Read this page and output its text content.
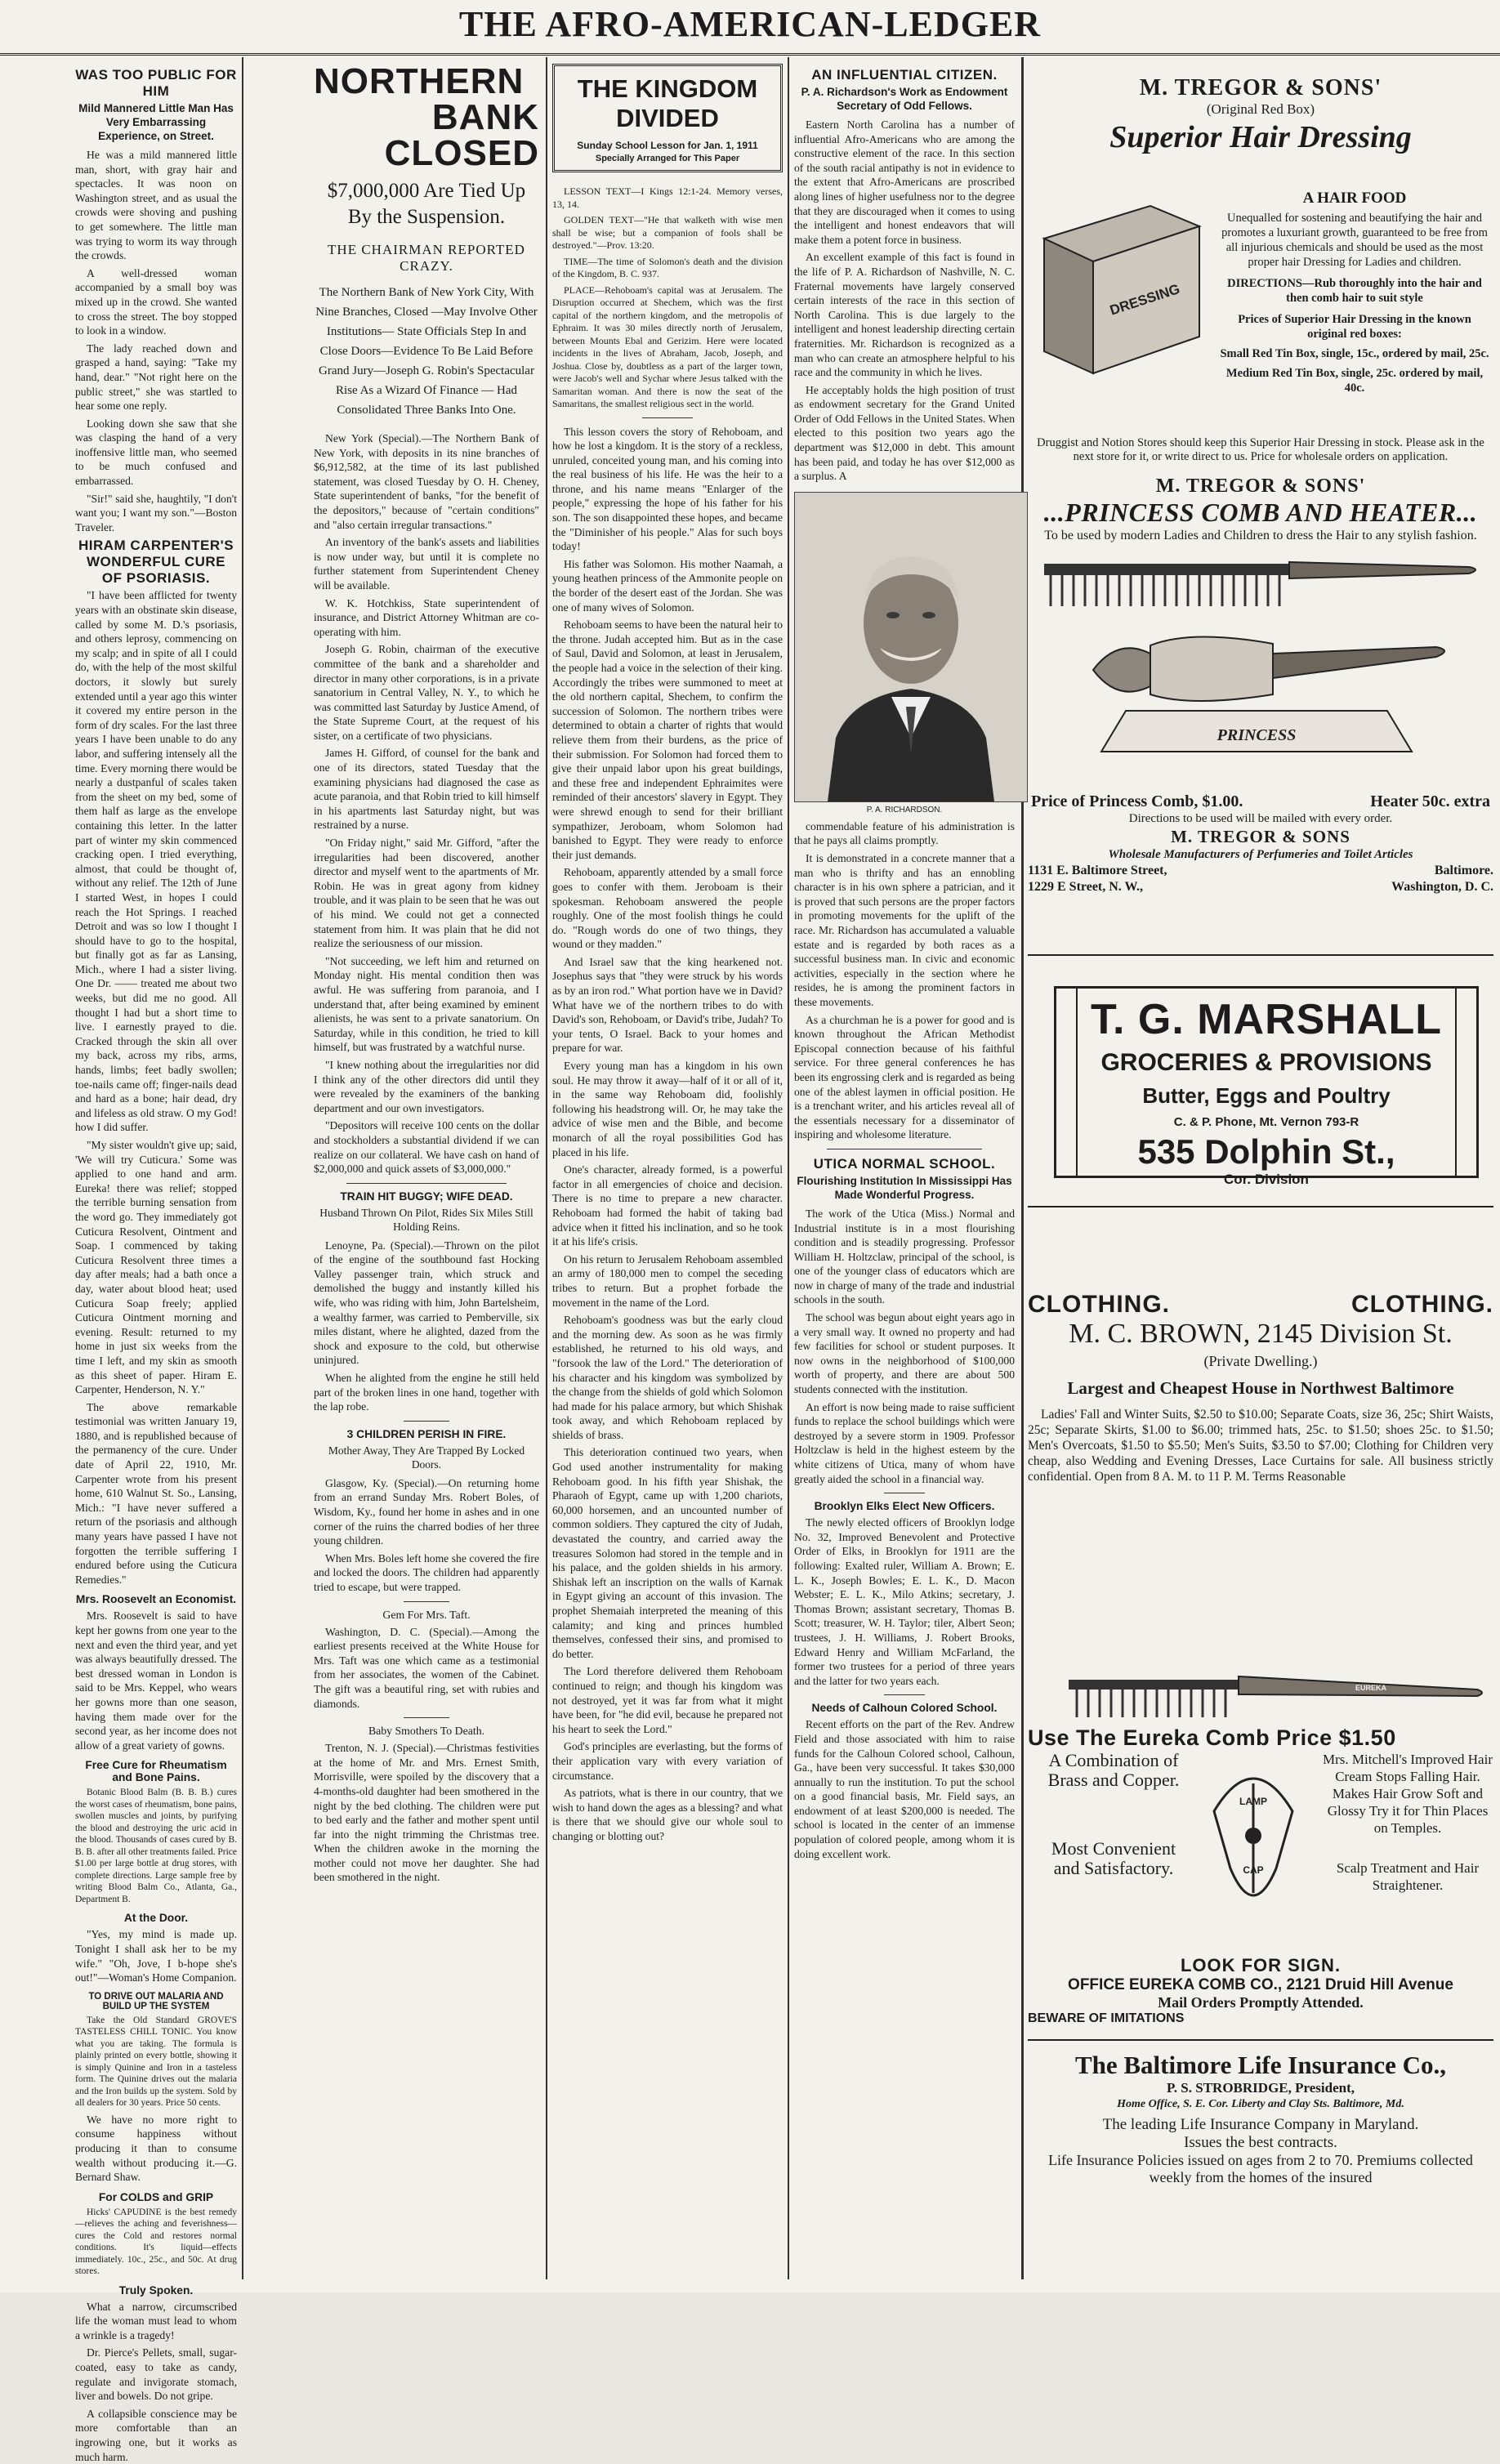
THE AFRO-AMERICAN-LEDGER
WAS TOO PUBLIC FOR HIM
Mild Mannered Little Man Has Very Embarrassing Experience, on Street.

He was a mild mannered little man, short, with gray hair and spectacles. It was noon on Washington street, and as usual the crowds were shoving and pushing to get somewhere. The little man was trying to worm its way through the crowds.

A well-dressed woman accompanied by a small boy was mixed up in the crowd. She wanted to cross the street. The boy stopped to look in a window.

The lady reached down and grasped a hand, saying: "Take my hand, dear." "Not right here on the public street," she was startled to hear some one reply.

Looking down she saw that she was clasping the hand of a very inoffensive little man, who seemed to be much confused and embarrassed.

"Sir!" said she, haughtily, "I don't want you; I want my son."—Boston Traveler.

HIRAM CARPENTER'S WONDERFUL CURE OF PSORIASIS.

"I have been afflicted for twenty years with an obstinate skin disease, called by some M. D.'s psoriasis, and others leprosy, commencing on my scalp; and in spite of all I could do, with the help of the most skilful doctors, it slowly but surely extended until a year ago this winter it covered my entire person in the form of dry scales. For the last three years I have been unable to do any labor, and suffering intensely all the time. Every morning there would be nearly a dustpanful of scales taken from the sheet on my bed, some of them half as large as the envelope containing this letter. In the latter part of winter my skin commenced cracking open. I tried everything, almost, that could be thought of, without any relief. The 12th of June I started West, in hopes I could reach the Hot Springs. I reached Detroit and was so low I thought I should have to go to the hospital, but finally got as far as Lansing, Mich., where I had a sister living. One Dr. —— treated me about two weeks, but did me no good. All thought I had but a short time to live. I earnestly prayed to die. Cracked through the skin all over my back, across my ribs, arms, hands, limbs; feet badly swollen; toe-nails came off; finger-nails dead and hard as a bone; hair dead, dry and lifeless as old straw. O my God! how I did suffer.

"My sister wouldn't give up; said, 'We will try Cuticura.' Some was applied to one hand and arm. Eureka! there was relief; stopped the terrible burning sensation from the word go. They immediately got Cuticura Resolvent, Ointment and Soap. I commenced by taking Cuticura Resolvent three times a day after meals; had a bath once a day, water about blood heat; used Cuticura Soap freely; applied Cuticura Ointment morning and evening. Result: returned to my home in just six weeks from the time I left, and my skin as smooth as this sheet of paper. Hiram E. Carpenter, Henderson, N. Y."

The above remarkable testimonial was written January 19, 1880, and is republished because of the permanency of the cure. Under date of April 22, 1910, Mr. Carpenter wrote from his present home, 610 Walnut St. So., Lansing, Mich.: "I have never suffered a return of the psoriasis and although many years have passed I have not forgotten the terrible suffering I endured before using the Cuticura Remedies."

Mrs. Roosevelt an Economist.

Mrs. Roosevelt is said to have kept her gowns from one year to the next and even the third year, and yet was always beautifully dressed. The best dressed woman in London is said to be Mrs. Keppel, who wears her gowns more than one season, having them made over for the second year, as her income does not allow of a great variety of gowns.

Free Cure for Rheumatism and Bone Pains.

Botanic Blood Balm (B. B. B.) cures the worst cases of rheumatism, bone pains, swollen muscles and joints, by purifying the blood and destroying the uric acid in the blood. Thousands of cases cured by B. B. B. after all other treatments failed. Price $1.00 per large bottle at drug stores, with complete directions. Large sample free by writing Blood Balm Co., Atlanta, Ga., Department B.

At the Door.

"Yes, my mind is made up. Tonight I shall ask her to be my wife." "Oh, Jove, I b-hope she's out!"—Woman's Home Companion.

TO DRIVE OUT MALARIA AND BUILD UP THE SYSTEM

Take the Old Standard GROVE'S TASTELESS CHILL TONIC. You know what you are taking. The formula is plainly printed on every bottle, showing it is simply Quinine and Iron in a tasteless form. The Quinine drives out the malaria and the Iron builds up the system. Sold by all dealers for 30 years. Price 50 cents.

We have no more right to consume happiness without producing it than to consume wealth without producing it.—G. Bernard Shaw.

For COLDS and GRIP

Hicks' CAPUDINE is the best remedy—relieves the aching and feverishness—cures the Cold and restores normal conditions. It's liquid—effects immediately. 10c., 25c., and 50c. At drug stores.

Truly Spoken.

What a narrow, circumscribed life the woman must lead to whom a wrinkle is a tragedy!

Dr. Pierce's Pellets, small, sugar-coated, easy to take as candy, regulate and invigorate stomach, liver and bowels. Do not gripe.

A collapsible conscience may be more comfortable than an ingrowing one, but it works as much harm.

NORTHERN
BANK CLOSED
$7,000,000 Are Tied Up By the Suspension.
THE CHAIRMAN REPORTED CRAZY.
The Northern Bank of New York City, With Nine Branches, Closed —May Involve Other Institutions— State Officials Step In and Close Doors—Evidence To Be Laid Before Grand Jury—Joseph G. Robin's Spectacular Rise As a Wizard Of Finance — Had Consolidated Three Banks Into One.

New York (Special).—The Northern Bank of New York, with deposits in its nine branches of $6,912,582, at the time of its last published statement, was closed Tuesday by O. H. Cheney, State superintendent of banks, "for the benefit of the depositors," because of "certain conditions" and "also certain irregular transactions."

An inventory of the bank's assets and liabilities is now under way, but until it is complete no further statement from Superintendent Cheney will be available.

W. K. Hotchkiss, State superintendent of insurance, and District Attorney Whitman are co-operating with him.

Joseph G. Robin, chairman of the executive committee of the bank and a shareholder and director in many other corporations, is in a private sanatorium in Central Valley, N. Y., to which he was committed last Saturday by Justice Amend, of the State Supreme Court, at the request of his sister, on a certificate of two physicians.

James H. Gifford, of counsel for the bank and one of its directors, stated Tuesday that the examining physicians had diagnosed the case as acute paranoia, and that Robin tried to kill himself in his apartments last Saturday night, but was restrained by a nurse.

"On Friday night," said Mr. Gifford, "after the irregularities had been discovered, another director and myself went to the apartments of Mr. Robin. He was in great agony from kidney trouble, and it was plain to be seen that he was out of his mind. We could not get a connected statement from him. It was plain that he did not realize the seriousness of our mission.

"Not succeeding, we left him and returned on Monday night. His mental condition then was awful. He was suffering from paranoia, and I understand that, after being examined by eminent alienists, he was sent to a private sanatorium. On Saturday, while in this condition, he tried to kill himself, but was frustrated by a watchful nurse.

"I knew nothing about the irregularities nor did I think any of the other directors did until they were revealed by the examiners of the banking department and our own investigators.

"Depositors will receive 100 cents on the dollar and stockholders a substantial dividend if we can realize on our collateral. We have cash on hand of $2,000,000 and quick assets of $3,000,000."

TRAIN HIT BUGGY; WIFE DEAD.
Husband Thrown On Pilot, Rides Six Miles Still Holding Reins.

Lenoyne, Pa. (Special).—Thrown on the pilot of the engine of the southbound fast Hocking Valley passenger train, which struck and demolished the buggy and instantly killed his wife, who was riding with him, John Bartelsheim, a wealthy farmer, was carried to Pemberville, six miles distant, where he alighted, dazed from the shock and exposure to the cold, but otherwise uninjured.

When he alighted from the engine he still held part of the broken lines in one hand, together with the lap robe.

3 CHILDREN PERISH IN FIRE.
Mother Away, They Are Trapped By Locked Doors.

Glasgow, Ky. (Special).—On returning home from an errand Sunday Mrs. Robert Boles, of Wisdom, Ky., found her home in ashes and in one corner of the ruins the charred bodies of her three young children.

When Mrs. Boles left home she covered the fire and locked the doors. The children had apparently tried to escape, but were trapped.

Gem For Mrs. Taft.

Washington, D. C. (Special).—Among the earliest presents received at the White House for Mrs. Taft was one which came as a testimonial from her associates, the women of the Cabinet. The gift was a beautiful ring, set with rubies and diamonds.

Baby Smothers To Death.

Trenton, N. J. (Special).—Christmas festivities at the home of Mr. and Mrs. Ernest Smith, Morrisville, were spoiled by the discovery that a 4-months-old daughter had been smothered in the night by the bed clothing. The children were put to bed early and the father and mother spent until far into the night trimming the Christmas tree. When the children awoke in the morning the mother could not move her daughter. She had been smothered in the night.

THE KINGDOM
DIVIDED
Sunday School Lesson for Jan. 1, 1911
Specially Arranged for This Paper

LESSON TEXT—I Kings 12:1-24. Memory verses, 13, 14.

GOLDEN TEXT—"He that walketh with wise men shall be wise; but a companion of fools shall be destroyed."—Prov. 13:20.

TIME—The time of Solomon's death and the division of the Kingdom, B. C. 937.

PLACE—Rehoboam's capital was at Jerusalem. The Disruption occurred at Shechem, which was the first capital of the northern kingdom, and the metropolis of Ephraim. It was 30 miles directly north of Jerusalem, between Mounts Ebal and Gerizim. Here were located incidents in the lives of Abraham, Jacob, Joseph, and Joshua. Close by, doubtless as a part of the larger town, were Jacob's well and Sychar where Jesus talked with the Samaritan woman. And there is now the seat of the Samaritans, the smallest religious sect in the world.

This lesson covers the story of Rehoboam, and how he lost a kingdom. It is the story of a reckless, unruled, conceited young man, and his coming into the real business of his life. He was the heir to a throne, and his name means "Enlarger of the people," expressing the hope of his father for his son. The son disappointed these hopes, and became the "Diminisher of his people." Alas for such boys today!

His father was Solomon. His mother Naamah, a young heathen princess of the Ammonite people on the border of the desert east of the Jordan. She was one of many wives of Solomon.

Rehoboam seems to have been the natural heir to the throne. Judah accepted him. But as in the case of Saul, David and Solomon, at least in Jerusalem, the people had a voice in the selection of their king. Accordingly the tribes were summoned to meet at the old northern capital, Shechem, to confirm the succession of Solomon. The northern tribes were determined to obtain a charter of rights that would relieve them from their burdens, as the price of their submission. For Solomon had forced them to give their unpaid labor upon his great buildings, and these free and independent Ephraimites were reminded of their ancestors' slavery in Egypt. They were shrewd enough to send for their brilliant sympathizer, Jeroboam, whom Solomon had banished to Egypt. They were ready to enforce their just demands.

Rehoboam, apparently attended by a small force goes to confer with them. Jeroboam is their spokesman. Rehoboam answered the people roughly. One of the most foolish things he could do. "Rough words do one of two things, they wound or they madden."

And Israel saw that the king hearkened not. Josephus says that "they were struck by his words as by an iron rod." What portion have we in David? What have we of the northern tribes to do with David's son, Rehoboam, or David's tribe, Judah? To your tents, O Israel. Back to your homes and prepare for war.

Every young man has a kingdom in his own soul. He may throw it away—half of it or all of it, in the same way Rehoboam did, foolishly following his headstrong will. Or, he may take the advice of wise men and the Bible, and become monarch of all the royal possibilities God has placed in his life.

One's character, already formed, is a powerful factor in all emergencies of choice and decision. There is no time to prepare a new character. Rehoboam had formed the habit of taking bad advice when it fitted his inclination, and so he took it at his life's crisis.

On his return to Jerusalem Rehoboam assembled an army of 180,000 men to compel the seceding tribes to return. But a prophet forbade the movement in the name of the Lord.

Rehoboam's goodness was but the early cloud and the morning dew. As soon as he was firmly established, he returned to his old ways, and "forsook the law of the Lord." The deterioration of his character and his kingdom was symbolized by the change from the shields of gold which Solomon had made for his palace armory, but which Shishak took away, and which Rehoboam replaced by shields of brass.

This deterioration continued two years, when God used another instrumentality for making Rehoboam good. In his fifth year Shishak, the Pharaoh of Egypt, came up with 1,200 chariots, 60,000 horsemen, and an uncounted number of common soldiers. They captured the city of Judah, devastated the country, and carried away the treasures Solomon had stored in the temple and in his palace, and the golden shields in his armory. Shishak left an inscription on the walls of Karnak in Egypt giving an account of this invasion. The prophet Shemaiah interpreted the meaning of this calamity; and king and princes humbled themselves, confessed their sins, and promised to do better.

The Lord therefore delivered them Rehoboam continued to reign; and though his kingdom was not destroyed, yet it was far from what it might have been, for "he did evil, because he prepared not his heart to seek the Lord."

God's principles are everlasting, but the forms of their application vary with every variation of circumstance.

As patriots, what is there in our country, that we wish to hand down the ages as a blessing? and what is there that we should give our whole soul to changing or blotting out?

AN INFLUENTIAL CITIZEN.
P. A. Richardson's Work as Endowment Secretary of Odd Fellows.

Eastern North Carolina has a number of influential Afro-Americans who are among the constructive element of the race. In this section of the south racial antipathy is not in evidence to the extent that Afro-Americans are proscribed along lines of higher usefulness nor to the degree that they are discouraged when it comes to using the intelligent and honest endeavors that will make them a potent force in business.

An excellent example of this fact is found in the life of P. A. Richardson of Nashville, N. C. Fraternal movements have largely conserved certain interests of the race in this section of North Carolina. This is due largely to the intelligent and honest leadership directing certain fraternities. Mr. Richardson is recognized as a man who can create an atmosphere helpful to his race and the community in which he lives.

He acceptably holds the high position of trust as endowment secretary for the Grand United Order of Odd Fellows in the United States. When elected to this position two years ago the department was $12,000 in debt. This amount has been paid, and today he has over $12,000 as a surplus. A

P. A. RICHARDSON.

commendable feature of his administration is that he pays all claims promptly.

It is demonstrated in a concrete manner that a man who is thrifty and has an ennobling character is in his own sphere a patrician, and it is proved that such persons are the proper factors in promoting movements for the uplift of the race. Mr. Richardson has accumulated a valuable estate and is regarded by both races as a successful business man. In civic and economic activities, especially in the section where he resides, he is among the prominent factors in these movements.

As a churchman he is a power for good and is known throughout the African Methodist Episcopal connection because of his faithful service. For three general conferences he has been its engrossing clerk and is regarded as being one of the ablest laymen in official position. He is a trenchant writer, and his articles reveal all of the essentials necessary for a disseminator of inspiring and wholesome literature.

UTICA NORMAL SCHOOL.
Flourishing Institution In Mississippi Has Made Wonderful Progress.

The work of the Utica (Miss.) Normal and Industrial institute is in a most flourishing condition and is steadily progressing. Professor William H. Holtzclaw, principal of the school, is one of the younger class of educators which are now in charge of many of the trade and industrial schools in the south.

The school was begun about eight years ago in a very small way. It owned no property and had few facilities for school or student purposes. It now owns in the neighborhood of $100,000 worth of property, and there are about 500 students connected with the institution.

An effort is now being made to raise sufficient funds to replace the school buildings which were destroyed by a severe storm in 1909. Professor Holtzclaw is held in the highest esteem by the white citizens of Utica, many of whom have greatly aided the school in a financial way.

Brooklyn Elks Elect New Officers.

The newly elected officers of Brooklyn lodge No. 32, Improved Benevolent and Protective Order of Elks, in Brooklyn for 1911 are the following: Exalted ruler, William A. Brown; E. L. K., Joseph Bowles; E. L. K., D. Macon Webster; E. L. K., Milo Atkins; secretary, J. Thomas Brown; assistant secretary, Thomas B. Scott; treasurer, W. H. Taylor; tiler, Albert Seon; trustees, J. H. Williams, J. Robert Brooks, Edward Henry and William McFarland, the former two trustees for a period of three years and the latter for two years each.

Needs of Calhoun Colored School.

Recent efforts on the part of the Rev. Andrew Field and those associated with him to raise funds for the Calhoun Colored school, Calhoun, Ga., have been very successful. It takes $30,000 annually to run the institution. To put the school on a good financial basis, Mr. Field says, an endowment of at least $200,000 is needed. The school is located in the center of an immense population of colored people, among whom it is doing excellent work.

M. TREGOR & SONS'
(Original Red Box)
Superior Hair Dressing
DRESSING
A HAIR FOOD
Unequalled for sostening and beautifying the hair and promotes a luxuriant growth, guaranteed to be free from all injurious chemicals and should be used as the most proper hair Dressing for Ladies and children.
DIRECTIONS—Rub thoroughly into the hair and then comb hair to suit style
Prices of Superior Hair Dressing in the known original red boxes:
Small Red Tin Box, single, 15c., ordered by mail, 25c.
Medium Red Tin Box, single, 25c. ordered by mail, 40c.
Druggist and Notion Stores should keep this Superior Hair Dressing in stock. Please ask in the next store for it, or write direct to us. Price for wholesale orders on application.
M. TREGOR & SONS'
...PRINCESS COMB AND HEATER...
To be used by modern Ladies and Children to dress the Hair to any stylish fashion.
PRINCESS
Price of Princess Comb, $1.00.	Heater 50c. extra
Directions to be used will be mailed with every order.
M. TREGOR & SONS
Wholesale Manufacturers of Perfumeries and Toilet Articles
1131 E. Baltimore Street,	Baltimore.
1229 E Street, N. W.,	Washington, D. C.
T. G. MARSHALL
GROCERIES & PROVISIONS
Butter, Eggs and Poultry
C. & P. Phone, Mt. Vernon 793-R
535 Dolphin St.,
Cor. Division
CLOTHING.	CLOTHING.
M. C. BROWN, 2145 Division St.
(Private Dwelling.)
Largest and Cheapest House in Northwest Baltimore
Ladies' Fall and Winter Suits, $2.50 to $10.00; Separate Coats, size 36, 25c; Shirt Waists, 25c; Separate Skirts, $1.00 to $6.00; trimmed hats, 25c. to $1.50; shoes 25c. to $1.50; Men's Overcoats, $1.50 to $5.50; Men's Suits, $3.50 to $7.00; Clothing for Children very cheap, also Wedding and Evening Dresses, Lace Curtains for sale. All business strictly confidential. Open from 8 A. M. to 11 P. M. Terms Reasonable
EUREKA
Use The Eureka Comb Price $1.50
A Combination of Brass and Copper.
Most Convenient and Satisfactory.
LAMP
CAP
Mrs. Mitchell's Improved Hair Cream Stops Falling Hair. Makes Hair Grow Soft and Glossy Try it for Thin Places on Temples.
Scalp Treatment and Hair Straightener.
LOOK FOR SIGN.
OFFICE EUREKA COMB CO., 2121 Druid Hill Avenue
Mail Orders Promptly Attended.
BEWARE OF IMITATIONS
The Baltimore Life Insurance Co.,
P. S. STROBRIDGE, President,
Home Office, S. E. Cor. Liberty and Clay Sts. Baltimore, Md.
The leading Life Insurance Company in Maryland.
Issues the best contracts.
Life Insurance Policies issued on ages from 2 to 70. Premiums collected weekly from the homes of the insured
